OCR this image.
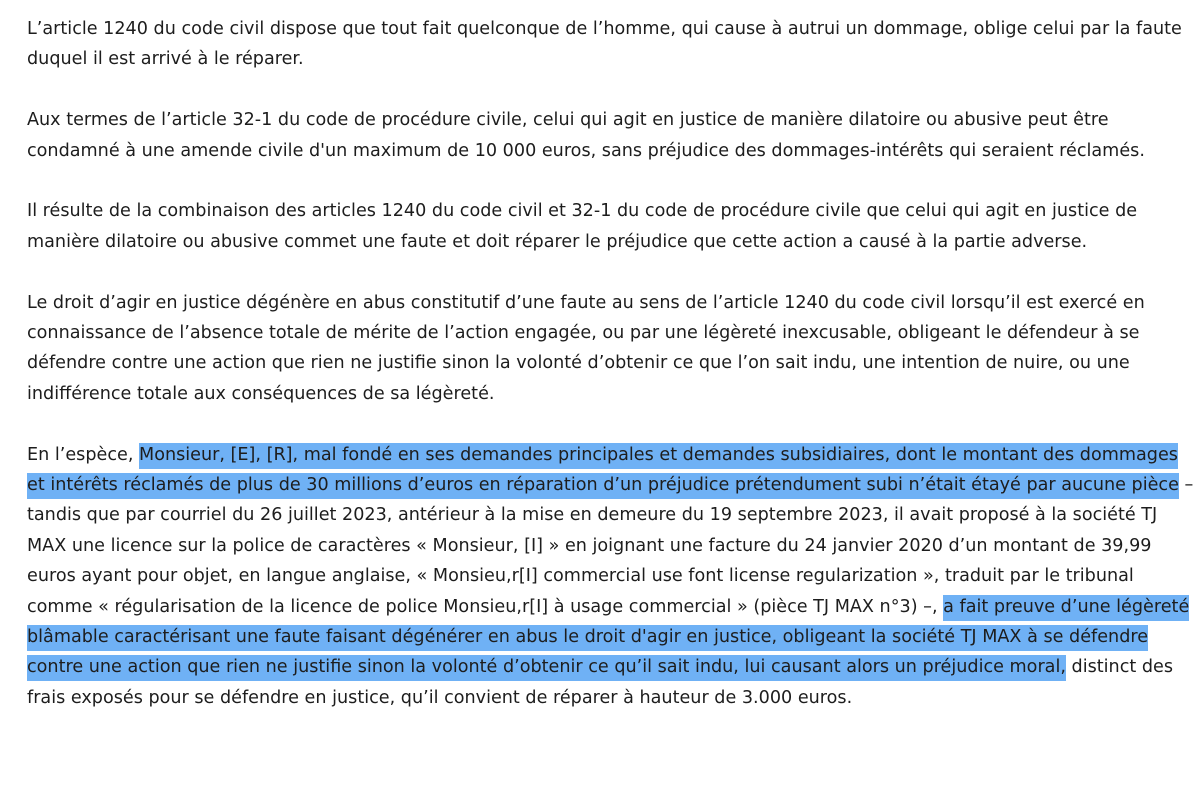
L’article 1240 du code civil dispose que tout fait quelconque de l’homme, qui cause à autrui un dommage, oblige celui par la faute duquel il est arrivé à le réparer.

Aux termes de l’article 32-1 du code de procédure civile, celui qui agit en justice de manière dilatoire ou abusive peut être condamné à une amende civile d'un maximum de 10 000 euros, sans préjudice des dommages-intérêts qui seraient réclamés.

Il résulte de la combinaison des articles 1240 du code civil et 32-1 du code de procédure civile que celui qui agit en justice de manière dilatoire ou abusive commet une faute et doit réparer le préjudice que cette action a causé à la partie adverse.

Le droit d’agir en justice dégénère en abus constitutif d’une faute au sens de l’article 1240 du code civil lorsqu’il est exercé en connaissance de l’absence totale de mérite de l’action engagée, ou par une légèreté inexcusable, obligeant le défendeur à se défendre contre une action que rien ne justifie sinon la volonté d’obtenir ce que l’on sait indu, une intention de nuire, ou une indifférence totale aux conséquences de sa légèreté.

En l’espèce, Monsieur, [E], [R], mal fondé en ses demandes principales et demandes subsidiaires, dont le montant des dommages et intérêts réclamés de plus de 30 millions d’euros en réparation d’un préjudice prétendument subi n’était étayé par aucune pièce – tandis que par courriel du 26 juillet 2023, antérieur à la mise en demeure du 19 septembre 2023, il avait proposé à la société TJ MAX une licence sur la police de caractères « Monsieur, [I] » en joignant une facture du 24 janvier 2020 d’un montant de 39,99 euros ayant pour objet, en langue anglaise, « Monsieu,r[I] commercial use font license regularization », traduit par le tribunal comme « régularisation de la licence de police Monsieu,r[I] à usage commercial » (pièce TJ MAX n°3) –, a fait preuve d’une légèreté blâmable caractérisant une faute faisant dégénérer en abus le droit d'agir en justice, obligeant la société TJ MAX à se défendre contre une action que rien ne justifie sinon la volonté d’obtenir ce qu’il sait indu, lui causant alors un préjudice moral, distinct des frais exposés pour se défendre en justice, qu’il convient de réparer à hauteur de 3.000 euros.
